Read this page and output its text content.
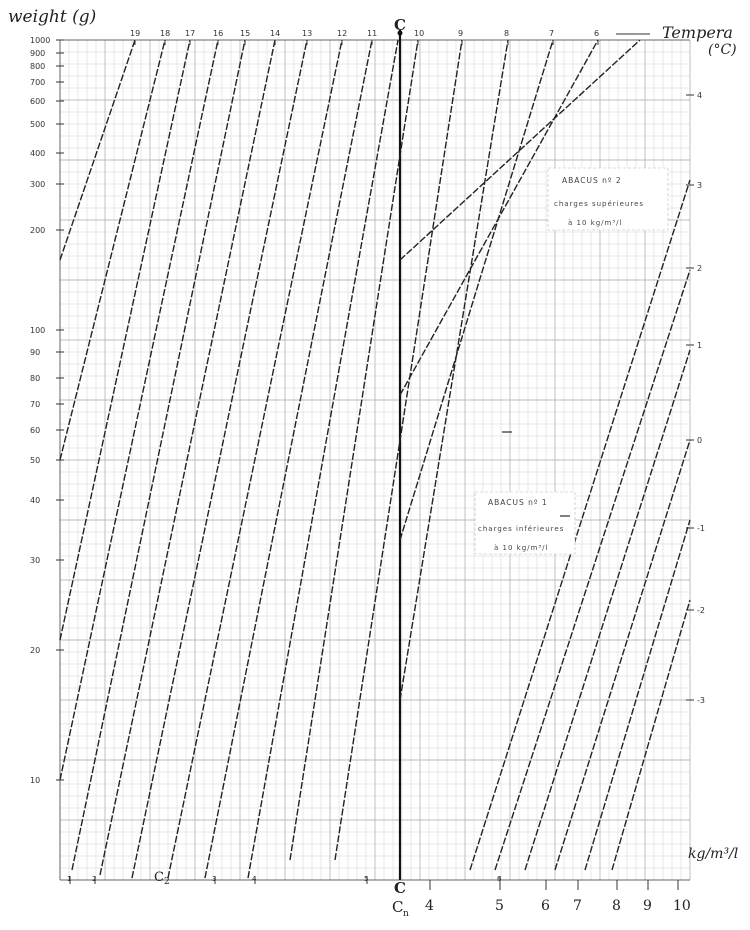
1000
900
800
700
600
500
400
300
200
100
90
80
70
60
50
40
30
20
10
19 18 17 16 15 14	13	12 11	10	9	8	7	6
4
3
2
1
0
-1
-2
-3
1	2	3	4	5	6
4	5	6 7 8 9 10
weight (g)
Tempera
(°C)
C
C
C 2
C n
kg/m³/l
ABACUS nº 2
charges supérieures
à 10 kg/m³/l
ABACUS nº 1
charges inférieures
à 10 kg/m³/l
